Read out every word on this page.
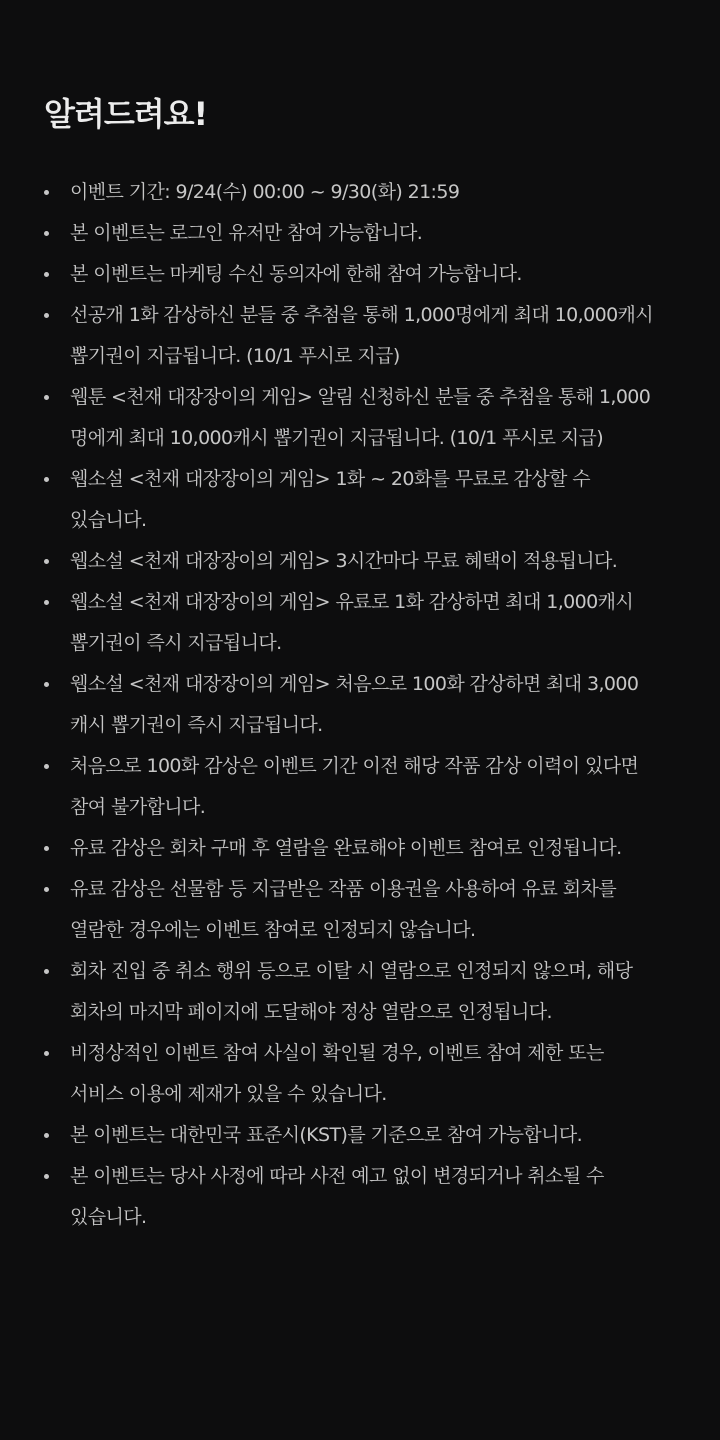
알려드려요!
이벤트 기간: 9/24(수) 00:00 ~ 9/30(화) 21:59
본 이벤트는 로그인 유저만 참여 가능합니다.
본 이벤트는 마케팅 수신 동의자에 한해 참여 가능합니다.
선공개 1화 감상하신 분들 중 추첨을 통해 1,000명에게 최대 10,000캐시
뽑기권이 지급됩니다. (10/1 푸시로 지급)
웹툰 <천재 대장장이의 게임> 알림 신청하신 분들 중 추첨을 통해 1,000
명에게 최대 10,000캐시 뽑기권이 지급됩니다. (10/1 푸시로 지급)
웹소설 <천재 대장장이의 게임> 1화 ~ 20화를 무료로 감상할 수
있습니다.
웹소설 <천재 대장장이의 게임> 3시간마다 무료 혜택이 적용됩니다.
웹소설 <천재 대장장이의 게임> 유료로 1화 감상하면 최대 1,000캐시
뽑기권이 즉시 지급됩니다.
웹소설 <천재 대장장이의 게임> 처음으로 100화 감상하면 최대 3,000
캐시 뽑기권이 즉시 지급됩니다.
처음으로 100화 감상은 이벤트 기간 이전 해당 작품 감상 이력이 있다면
참여 불가합니다.
유료 감상은 회차 구매 후 열람을 완료해야 이벤트 참여로 인정됩니다.
유료 감상은 선물함 등 지급받은 작품 이용권을 사용하여 유료 회차를
열람한 경우에는 이벤트 참여로 인정되지 않습니다.
회차 진입 중 취소 행위 등으로 이탈 시 열람으로 인정되지 않으며, 해당
회차의 마지막 페이지에 도달해야 정상 열람으로 인정됩니다.
비정상적인 이벤트 참여 사실이 확인될 경우, 이벤트 참여 제한 또는
서비스 이용에 제재가 있을 수 있습니다.
본 이벤트는 대한민국 표준시(KST)를 기준으로 참여 가능합니다.
본 이벤트는 당사 사정에 따라 사전 예고 없이 변경되거나 취소될 수
있습니다.
